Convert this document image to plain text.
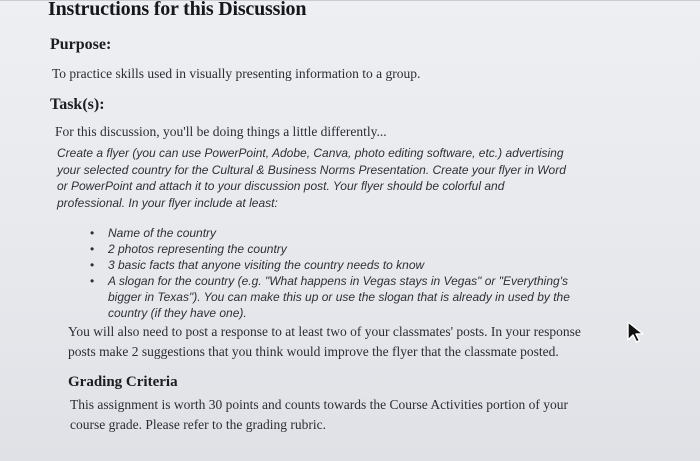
Instructions for this Discussion
Purpose:

To practice skills used in visually presenting information to a group.

Task(s):

For this discussion, you'll be doing things a little differently...

Create a flyer (you can use PowerPoint, Adobe, Canva, photo editing software, etc.) advertising
your selected country for the Cultural & Business Norms Presentation. Create your flyer in Word
or PowerPoint and attach it to your discussion post. Your flyer should be colorful and
professional. In your flyer include at least:
• Name of the country
• 2 photos representing the country
• 3 basic facts that anyone visiting the country needs to know
• A slogan for the country (e.g. "What happens in Vegas stays in Vegas" or "Everything's
bigger in Texas"). You can make this up or use the slogan that is already in used by the
country (if they have one).
You will also need to post a response to at least two of your classmates' posts. In your response
posts make 2 suggestions that you think would improve the flyer that the classmate posted.
Grading Criteria
This assignment is worth 30 points and counts towards the Course Activities portion of your
course grade. Please refer to the grading rubric.
